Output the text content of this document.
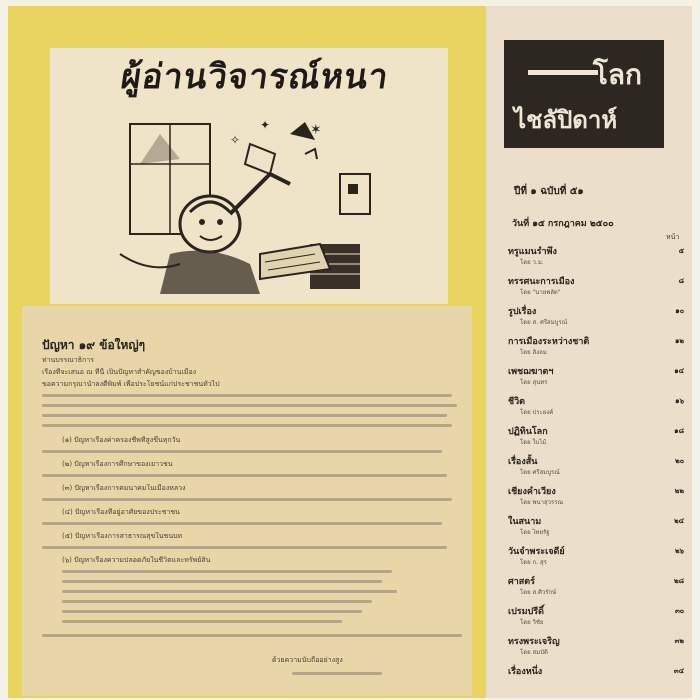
ผู้อ่านวิจารณ์หนา
✶
✦
✧
ปัญหา ๑๙ ข้อใหญ่ๆ
ท่านบรรณาธิการ
เรื่องที่จะเสนอ ณ ที่นี้ เป็นปัญหาสำคัญของบ้านเมือง
ขอความกรุณานำลงตีพิมพ์ เพื่อประโยชน์แก่ประชาชนทั่วไป
(๑) ปัญหาเรื่องค่าครองชีพที่สูงขึ้นทุกวัน
(๒) ปัญหาเรื่องการศึกษาของเยาวชน
(๓) ปัญหาเรื่องการคมนาคมในเมืองหลวง
(๔) ปัญหาเรื่องที่อยู่อาศัยของประชาชน
(๕) ปัญหาเรื่องการสาธารณสุขในชนบท
(๖) ปัญหาเรื่องความปลอดภัยในชีวิตและทรัพย์สิน
ด้วยความนับถืออย่างสูง
โลก
ไชลัปิดาห์
ปีที่ ๑ ฉบับที่ ๕๑
วันที่ ๑๕ กรกฎาคม ๒๕๐๐
หน้า
ทรูแมนรำพึง
โดย ว.ม.
๕
ทรรศนะการเมือง
โดย "นายพลัด"
๘
รูปเรื่อง
โดย ส. ศรีสมบูรณ์
๑๐
การเมืองระหว่างชาติ
โดย ลิงลม
๑๒
เพชฌฆาตฯ
โดย สุนทร
๑๔
ชีวิต
โดย ประยงค์
๑๖
ปฏิทินโลก
โดย ใบไม้
๑๘
เรื่องสั้น
โดย ศรีสมบูรณ์
๒๐
เชียงคำเวียง
โดย พนาสุวรรณ
๒๒
ในสนาม
โดย ไทยรัฐ
๒๔
วันจำพระเจดีย์
โดย ก. สุร
๒๖
ศาสตร์
โดย ส.ศิวรักษ์
๒๘
เปรมปรีดิ์
โดย วิชัย
๓๐
ทรงพระเจริญ
โดย สมบัติ
๓๒
เรื่องหนึ่ง	๓๔
